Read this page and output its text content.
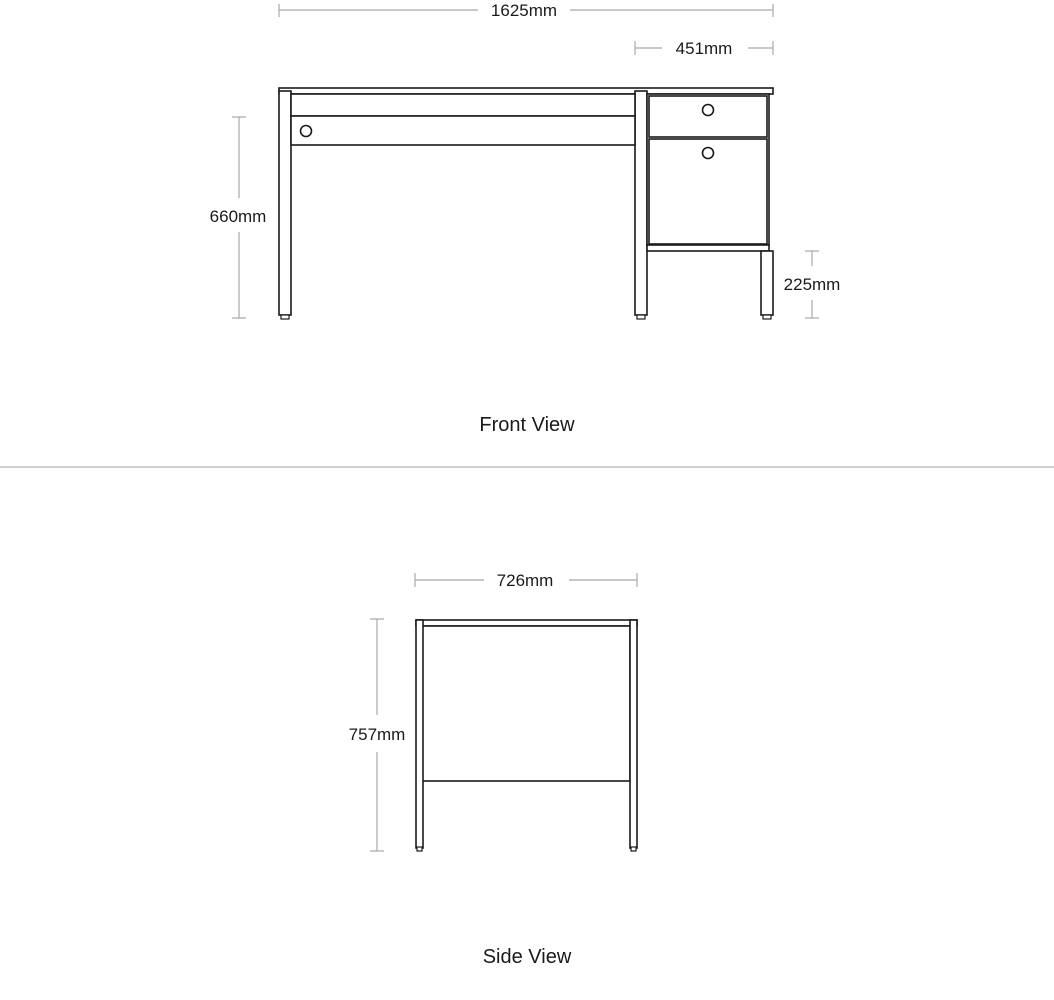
1625mm
451mm
660mm
225mm
Front View
726mm
757mm
Side View
